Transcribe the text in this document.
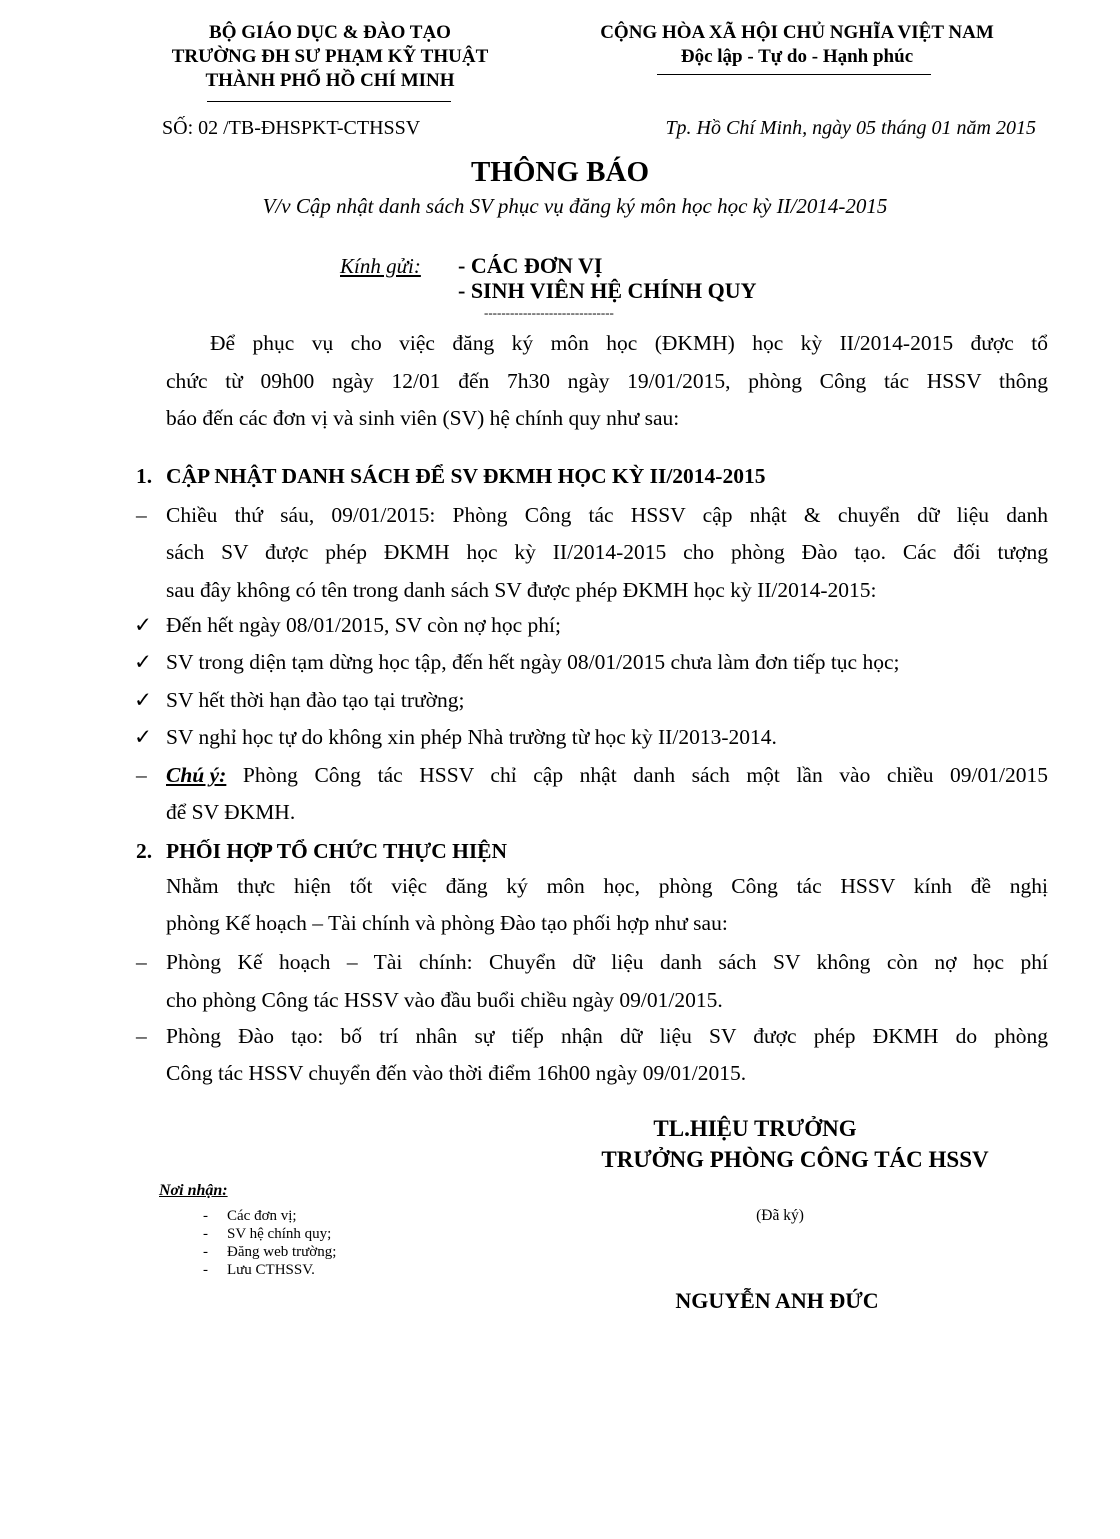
BỘ GIÁO DỤC & ĐÀO TẠO
TRƯỜNG ĐH SƯ PHẠM KỸ THUẬT
THÀNH PHỐ HỒ CHÍ MINH
CỘNG HÒA XÃ HỘI CHỦ NGHĨA VIỆT NAM
Độc lập - Tự do - Hạnh phúc
SỐ: 02 /TB-ĐHSPKT-CTHSSV	Tp. Hồ Chí Minh, ngày 05 tháng 01 năm 2015
THÔNG BÁO
V/v Cập nhật danh sách SV phục vụ đăng ký môn học học kỳ II/2014-2015
Kính gửi: - CÁC ĐƠN VỊ
- SINH VIÊN HỆ CHÍNH QUY
------------------------------
Để phục vụ cho việc đăng ký môn học (ĐKMH) học kỳ II/2014-2015 được tổ
chức từ 09h00 ngày 12/01 đến 7h30 ngày 19/01/2015, phòng Công tác HSSV thông
báo đến các đơn vị và sinh viên (SV) hệ chính quy như sau:
1. CẬP NHẬT DANH SÁCH ĐỂ SV ĐKMH HỌC KỲ II/2014-2015
– Chiều thứ sáu, 09/01/2015: Phòng Công tác HSSV cập nhật & chuyển dữ liệu danh
sách SV được phép ĐKMH học kỳ II/2014-2015 cho phòng Đào tạo. Các đối tượng
sau đây không có tên trong danh sách SV được phép ĐKMH học kỳ II/2014-2015:
✓ Đến hết ngày 08/01/2015, SV còn nợ học phí;
✓ SV trong diện tạm dừng học tập, đến hết ngày 08/01/2015 chưa làm đơn tiếp tục học;
✓ SV hết thời hạn đào tạo tại trường;
✓ SV nghỉ học tự do không xin phép Nhà trường từ học kỳ II/2013-2014.
– Chú ý: Phòng Công tác HSSV chỉ cập nhật danh sách một lần vào chiều 09/01/2015
để SV ĐKMH.
2. PHỐI HỢP TỔ CHỨC THỰC HIỆN
Nhằm thực hiện tốt việc đăng ký môn học, phòng Công tác HSSV kính đề nghị
phòng Kế hoạch – Tài chính và phòng Đào tạo phối hợp như sau:
– Phòng Kế hoạch – Tài chính: Chuyển dữ liệu danh sách SV không còn nợ học phí
cho phòng Công tác HSSV vào đầu buổi chiều ngày 09/01/2015.
– Phòng Đào tạo: bố trí nhân sự tiếp nhận dữ liệu SV được phép ĐKMH do phòng
Công tác HSSV chuyển đến vào thời điểm 16h00 ngày 09/01/2015.
TL.HIỆU TRƯỞNG
TRƯỞNG PHÒNG CÔNG TÁC HSSV
(Đã ký)
NGUYỄN ANH ĐỨC
Nơi nhận:
- Các đơn vị;
- SV hệ chính quy;
- Đăng web trường;
- Lưu CTHSSV.
